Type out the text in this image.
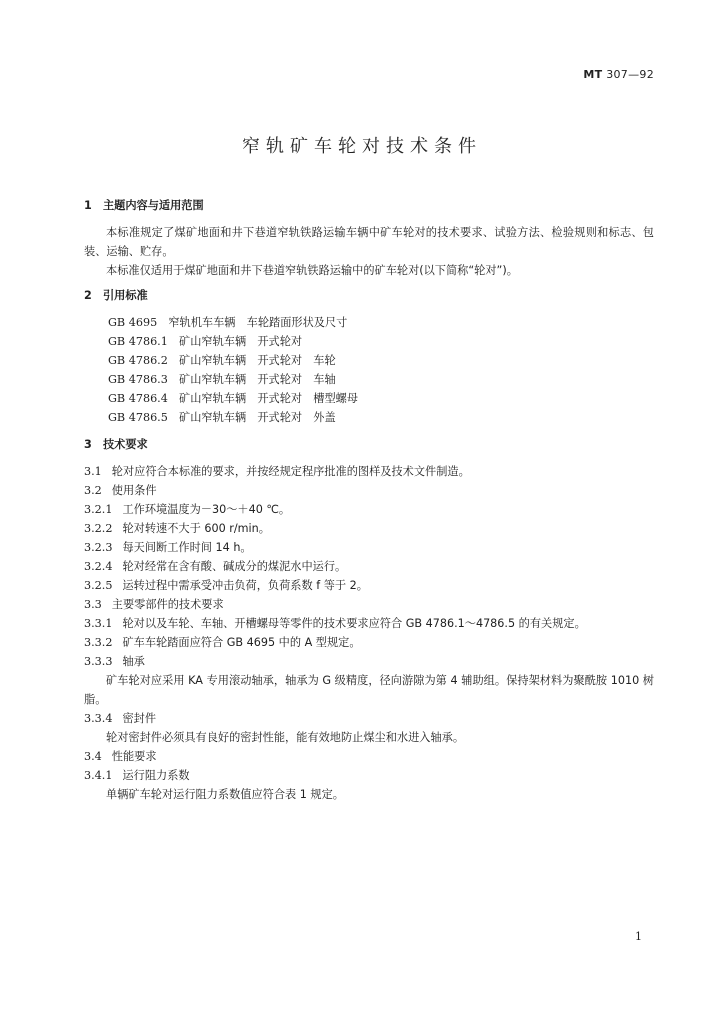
MT 307—92
窄轨矿车轮对技术条件
1　主题内容与适用范围

本标准规定了煤矿地面和井下巷道窄轨铁路运输车辆中矿车轮对的技术要求、试验方法、检验规则和标志、包装、运输、贮存。

本标准仅适用于煤矿地面和井下巷道窄轨铁路运输中的矿车轮对(以下简称“轮对”)。

2　引用标准
GB 4695　窄轨机车车辆　车轮踏面形状及尺寸
GB 4786.1　矿山窄轨车辆　开式轮对
GB 4786.2　矿山窄轨车辆　开式轮对　车轮
GB 4786.3　矿山窄轨车辆　开式轮对　车轴
GB 4786.4　矿山窄轨车辆　开式轮对　槽型螺母
GB 4786.5　矿山窄轨车辆　开式轮对　外盖
3　技术要求
3.1 轮对应符合本标准的要求，并按经规定程序批准的图样及技术文件制造。
3.2 使用条件
3.2.1 工作环境温度为－30～＋40 ℃。
3.2.2 轮对转速不大于 600 r/min。
3.2.3 每天间断工作时间 14 h。
3.2.4 轮对经常在含有酸、碱成分的煤泥水中运行。
3.2.5 运转过程中需承受冲击负荷，负荷系数 f 等于 2。
3.3 主要零部件的技术要求
3.3.1 轮对以及车轮、车轴、开槽螺母等零件的技术要求应符合 GB 4786.1～4786.5 的有关规定。
3.3.2 矿车车轮踏面应符合 GB 4695 中的 A 型规定。
3.3.3 轴承

矿车轮对应采用 KA 专用滚动轴承，轴承为 G 级精度，径向游隙为第 4 辅助组。保持架材料为聚酰胺 1010 树脂。

3.3.4 密封件

轮对密封件必须具有良好的密封性能，能有效地防止煤尘和水进入轴承。

3.4 性能要求
3.4.1 运行阻力系数

单辆矿车轮对运行阻力系数值应符合表 1 规定。

1
